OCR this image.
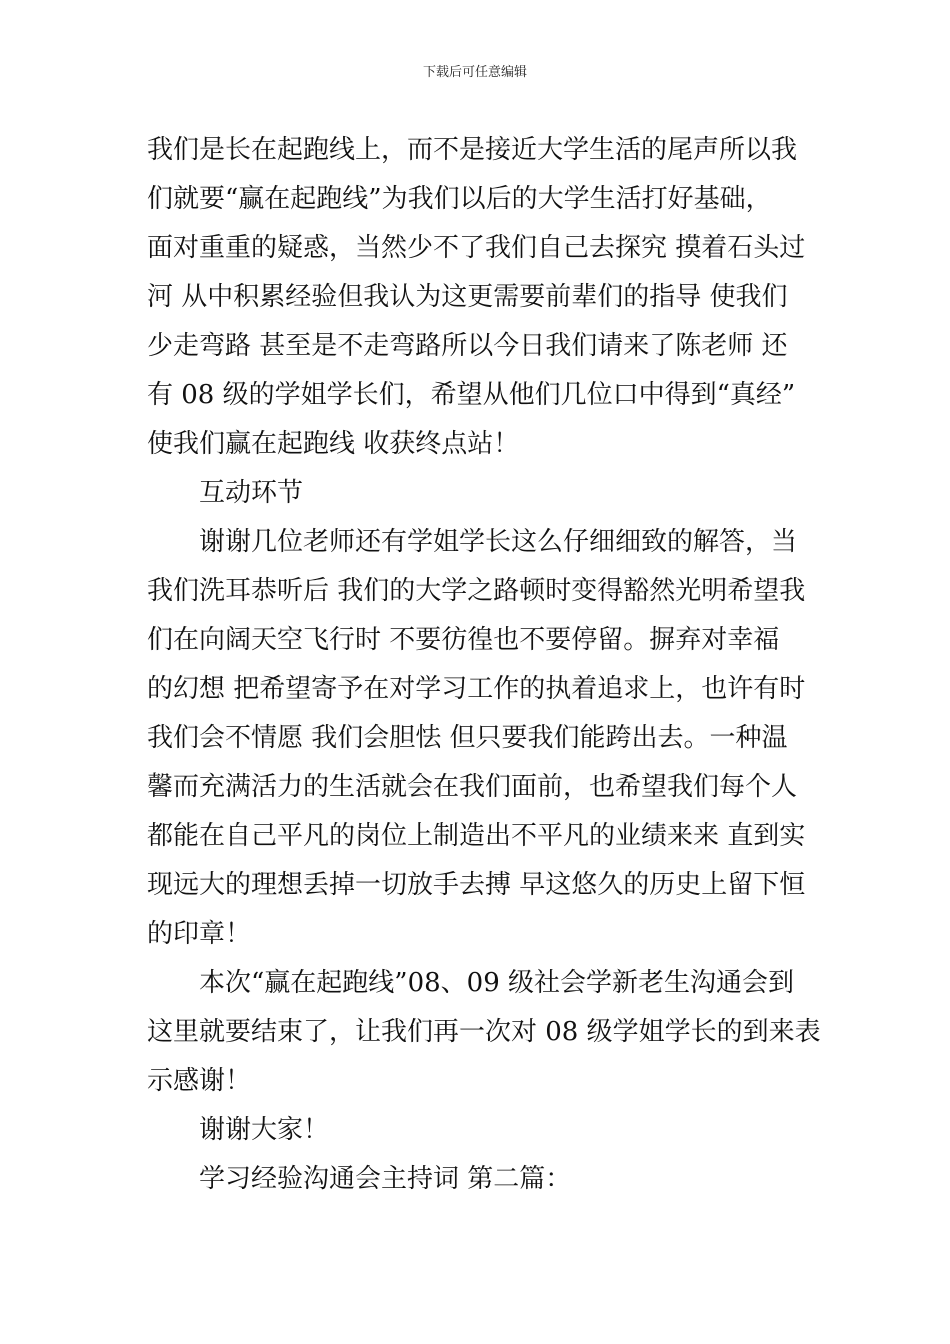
下载后可任意编辑
我们是长在起跑线上，而不是接近大学生活的尾声所以我
们就要“赢在起跑线”为我们以后的大学生活打好基础，
面对重重的疑惑，当然少不了我们自己去探究 摸着石头过
河 从中积累经验但我认为这更需要前辈们的指导 使我们
少走弯路 甚至是不走弯路所以今日我们请来了陈老师 还
有 08 级的学姐学长们，希望从他们几位口中得到“真经”
使我们赢在起跑线 收获终点站！
互动环节
谢谢几位老师还有学姐学长这么仔细细致的解答，当
我们洗耳恭听后 我们的大学之路顿时变得豁然光明希望我
们在向阔天空飞行时 不要彷徨也不要停留。摒弃对幸福
的幻想 把希望寄予在对学习工作的执着追求上，也许有时
我们会不情愿 我们会胆怯 但只要我们能跨出去。一种温
馨而充满活力的生活就会在我们面前，也希望我们每个人
都能在自己平凡的岗位上制造出不平凡的业绩来来 直到实
现远大的理想丢掉一切放手去搏 早这悠久的历史上留下恒
的印章！
本次“赢在起跑线”08、09 级社会学新老生沟通会到
这里就要结束了，让我们再一次对 08 级学姐学长的到来表
示感谢！
谢谢大家！
学习经验沟通会主持词 第二篇：
